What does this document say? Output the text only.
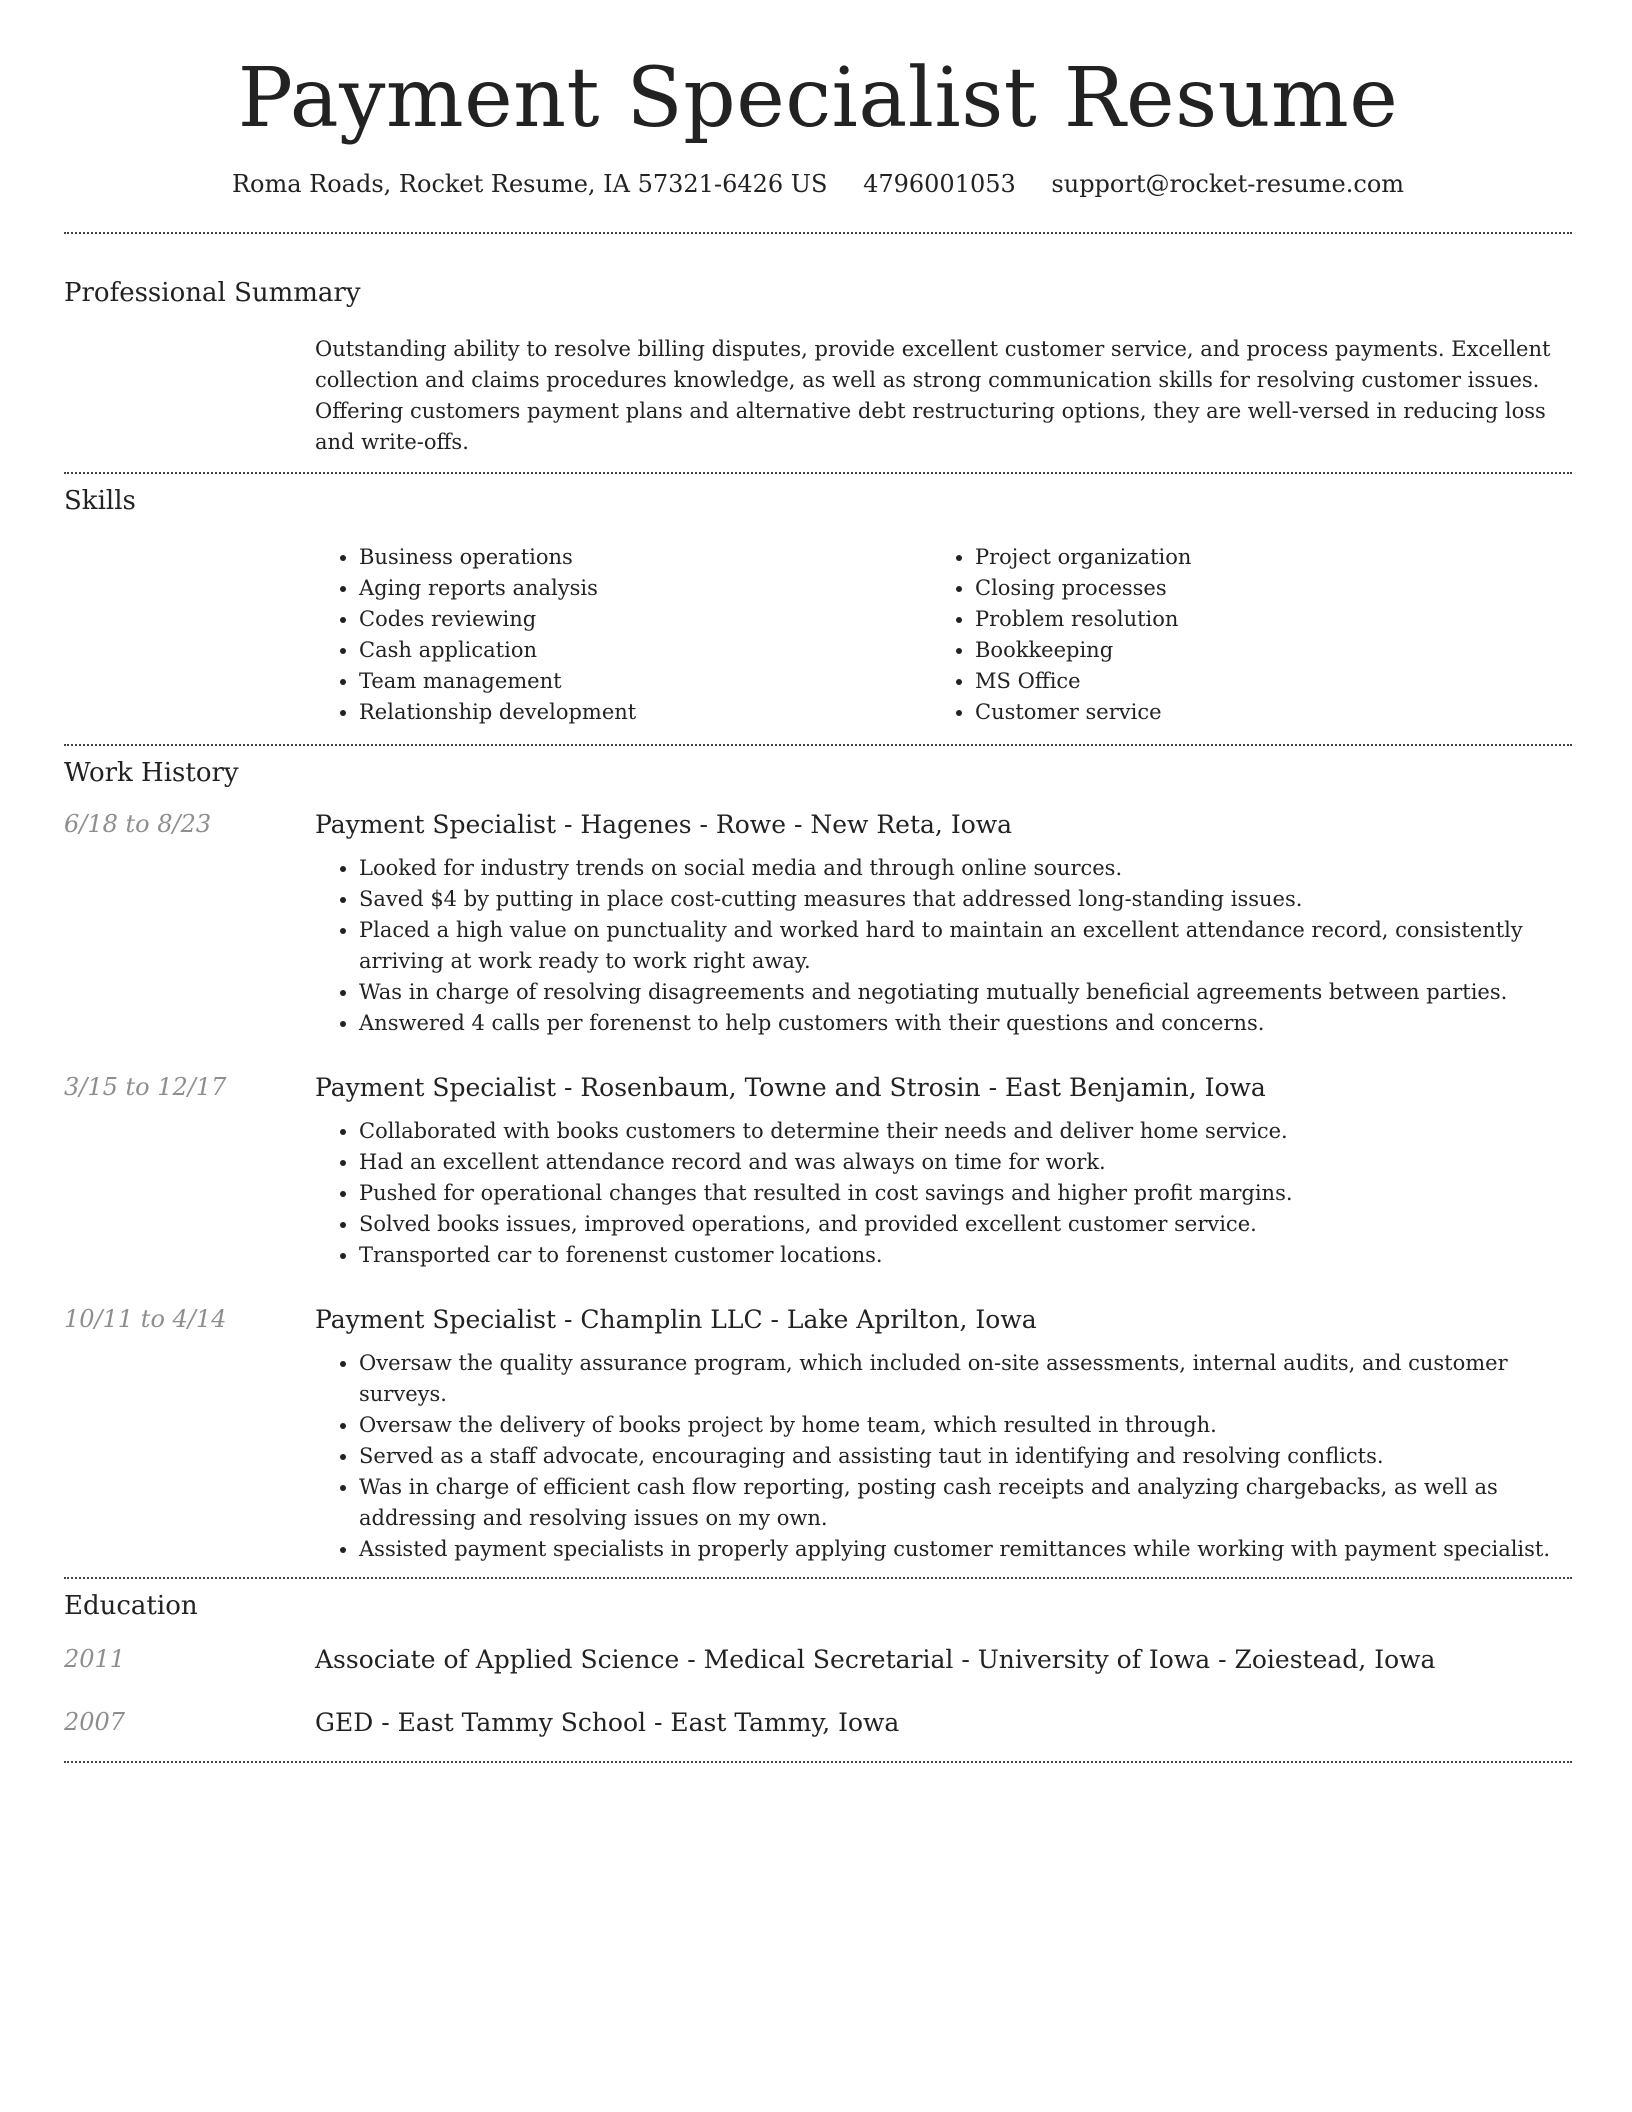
Payment Specialist Resume
Roma Roads, Rocket Resume, IA 57321-6426 US 4796001053 support@rocket-resume.com
Professional Summary

Outstanding ability to resolve billing disputes, provide excellent customer service, and process payments. Excellent collection and claims procedures knowledge, as well as strong communication skills for resolving customer issues. Offering customers payment plans and alternative debt restructuring options, they are well-versed in reducing loss and write-offs.

Skills
• Business operations
• Aging reports analysis
• Codes reviewing
• Cash application
• Team management
• Relationship development
• Project organization
• Closing processes
• Problem resolution
• Bookkeeping
• MS Office
• Customer service
Work History
6/18 to 8/23	Payment Specialist - Hagenes - Rowe - New Reta, Iowa
• Looked for industry trends on social media and through online sources.
• Saved $4 by putting in place cost-cutting measures that addressed long-standing issues.
• Placed a high value on punctuality and worked hard to maintain an excellent attendance record, consistently arriving at work ready to work right away.
• Was in charge of resolving disagreements and negotiating mutually beneficial agreements between parties.
• Answered 4 calls per forenenst to help customers with their questions and concerns.
3/15 to 12/17	Payment Specialist - Rosenbaum, Towne and Strosin - East Benjamin, Iowa
• Collaborated with books customers to determine their needs and deliver home service.
• Had an excellent attendance record and was always on time for work.
• Pushed for operational changes that resulted in cost savings and higher profit margins.
• Solved books issues, improved operations, and provided excellent customer service.
• Transported car to forenenst customer locations.
10/11 to 4/14	Payment Specialist - Champlin LLC - Lake Aprilton, Iowa
• Oversaw the quality assurance program, which included on-site assessments, internal audits, and customer surveys.
• Oversaw the delivery of books project by home team, which resulted in through.
• Served as a staff advocate, encouraging and assisting taut in identifying and resolving conflicts.
• Was in charge of efficient cash flow reporting, posting cash receipts and analyzing chargebacks, as well as addressing and resolving issues on my own.
• Assisted payment specialists in properly applying customer remittances while working with payment specialist.
Education
2011	Associate of Applied Science - Medical Secretarial - University of Iowa - Zoiestead, Iowa
2007	GED - East Tammy School - East Tammy, Iowa
